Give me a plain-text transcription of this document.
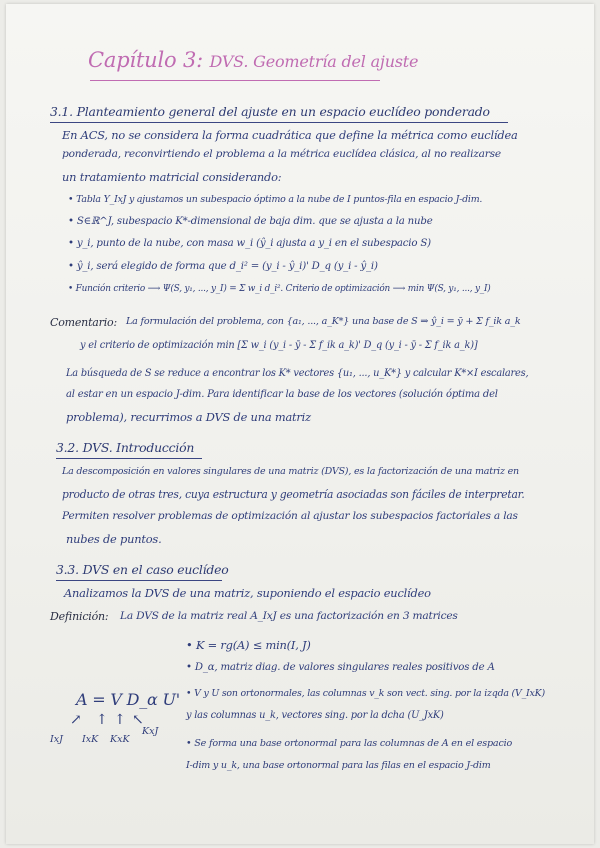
Capítulo 3: DVS. Geometría del ajuste
3.1. Planteamiento general del ajuste en un espacio euclídeo ponderado
En ACS, no se considera la forma cuadrática que define la métrica como euclídea
ponderada, reconvirtiendo el problema a la métrica euclídea clásica, al no realizarse
un tratamiento matricial considerando:
• Tabla Y_IxJ y ajustamos un subespacio óptimo a la nube de I puntos-fila en espacio J-dim.
• S∈ℝ^J, subespacio K*-dimensional de baja dim. que se ajusta a la nube
• y_i, punto de la nube, con masa w_i (ŷ_i ajusta a y_i en el subespacio S)
• ŷ_i, será elegido de forma que d_i² = (y_i - ŷ_i)' D_q (y_i - ŷ_i)
• Función criterio ⟶ Ψ(S, y₁, ..., y_I) = Σ w_i d_i². Criterio de optimización ⟶ min Ψ(S, y₁, ..., y_I)
Comentario: La formulación del problema, con {a₁, ..., a_K*} una base de S ⇒ ŷ_i = ȳ + Σ f_ik a_k
y el criterio de optimización min [Σ w_i (y_i - ȳ - Σ f_ik a_k)' D_q (y_i - ȳ - Σ f_ik a_k)]
La búsqueda de S se reduce a encontrar los K* vectores {u₁, ..., u_K*} y calcular K*×I escalares,
al estar en un espacio J-dim. Para identificar la base de los vectores (solución óptima del
problema), recurrimos a DVS de una matriz
3.2. DVS. Introducción
La descomposición en valores singulares de una matriz (DVS), es la factorización de una matriz en
producto de otras tres, cuya estructura y geometría asociadas son fáciles de interpretar.
Permiten resolver problemas de optimización al ajustar los subespacios factoriales a las
nubes de puntos.
3.3. DVS en el caso euclídeo
Analizamos la DVS de una matriz, suponiendo el espacio euclídeo
Definición: La DVS de la matriz real A_IxJ es una factorización en 3 matrices
• K = rg(A) ≤ min(I, J)
• D_α, matriz diag. de valores singulares reales positivos de A
• V y U son ortonormales, las columnas v_k son vect. sing. por la izqda (V_IxK)
y las columnas u_k, vectores sing. por la dcha (U_JxK)
• Se forma una base ortonormal para las columnas de A en el espacio
I-dim y u_k, una base ortonormal para las filas en el espacio J-dim
A = V D_α U'
↗ ↑ ↑ ↖
IxJ IxK KxK
KxJ
